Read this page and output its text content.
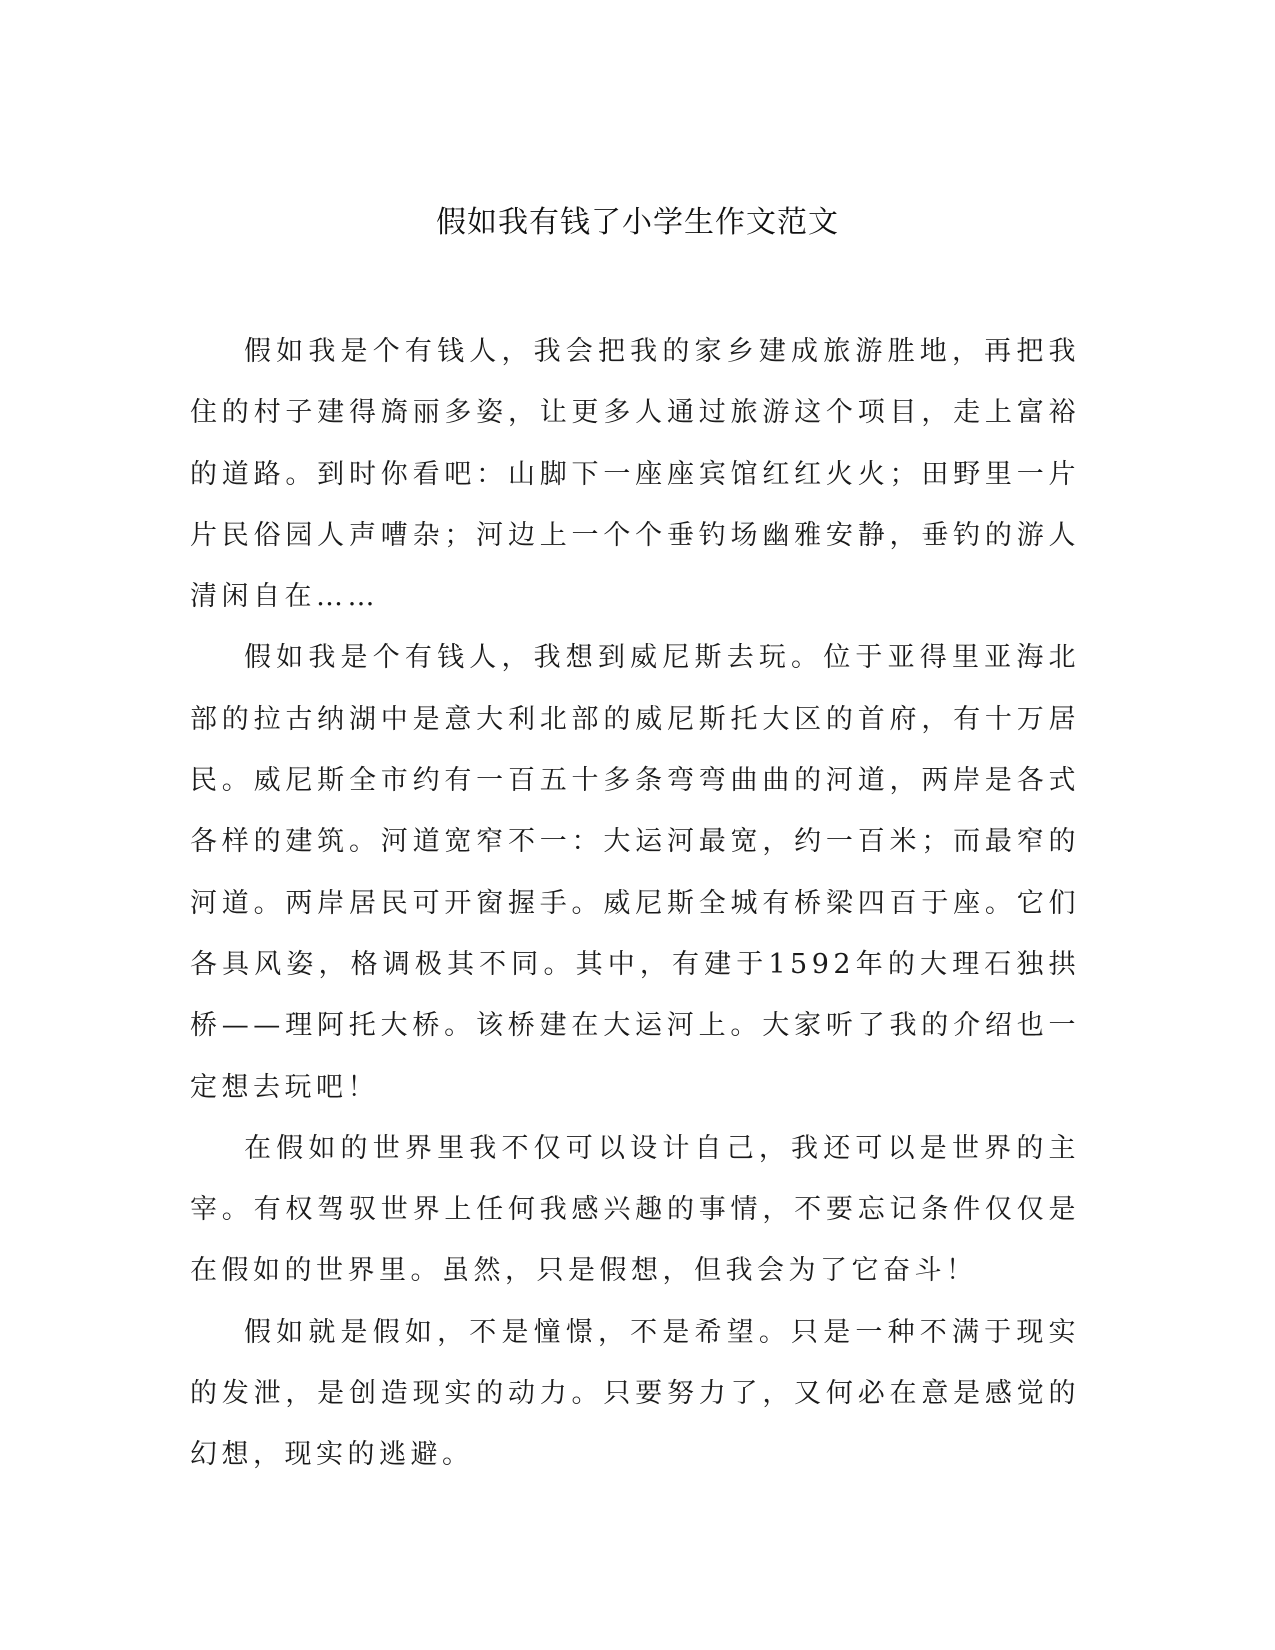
假如我有钱了小学生作文范文

假如我是个有钱人，我会把我的家乡建成旅游胜地，再把我住的村子建得旖丽多姿，让更多人通过旅游这个项目，走上富裕的道路。到时你看吧：山脚下一座座宾馆红红火火；田野里一片片民俗园人声嘈杂；河边上一个个垂钓场幽雅安静，垂钓的游人清闲自在……

假如我是个有钱人，我想到威尼斯去玩。位于亚得里亚海北部的拉古纳湖中是意大利北部的威尼斯托大区的首府，有十万居民。威尼斯全市约有一百五十多条弯弯曲曲的河道，两岸是各式各样的建筑。河道宽窄不一：大运河最宽，约一百米；而最窄的河道。两岸居民可开窗握手。威尼斯全城有桥梁四百于座。它们各具风姿，格调极其不同。其中，有建于1592年的大理石独拱桥——理阿托大桥。该桥建在大运河上。大家听了我的介绍也一定想去玩吧！

在假如的世界里我不仅可以设计自己，我还可以是世界的主宰。有权驾驭世界上任何我感兴趣的事情，不要忘记条件仅仅是在假如的世界里。虽然，只是假想，但我会为了它奋斗！

假如就是假如，不是憧憬，不是希望。只是一种不满于现实的发泄，是创造现实的动力。只要努力了，又何必在意是感觉的幻想，现实的逃避。
